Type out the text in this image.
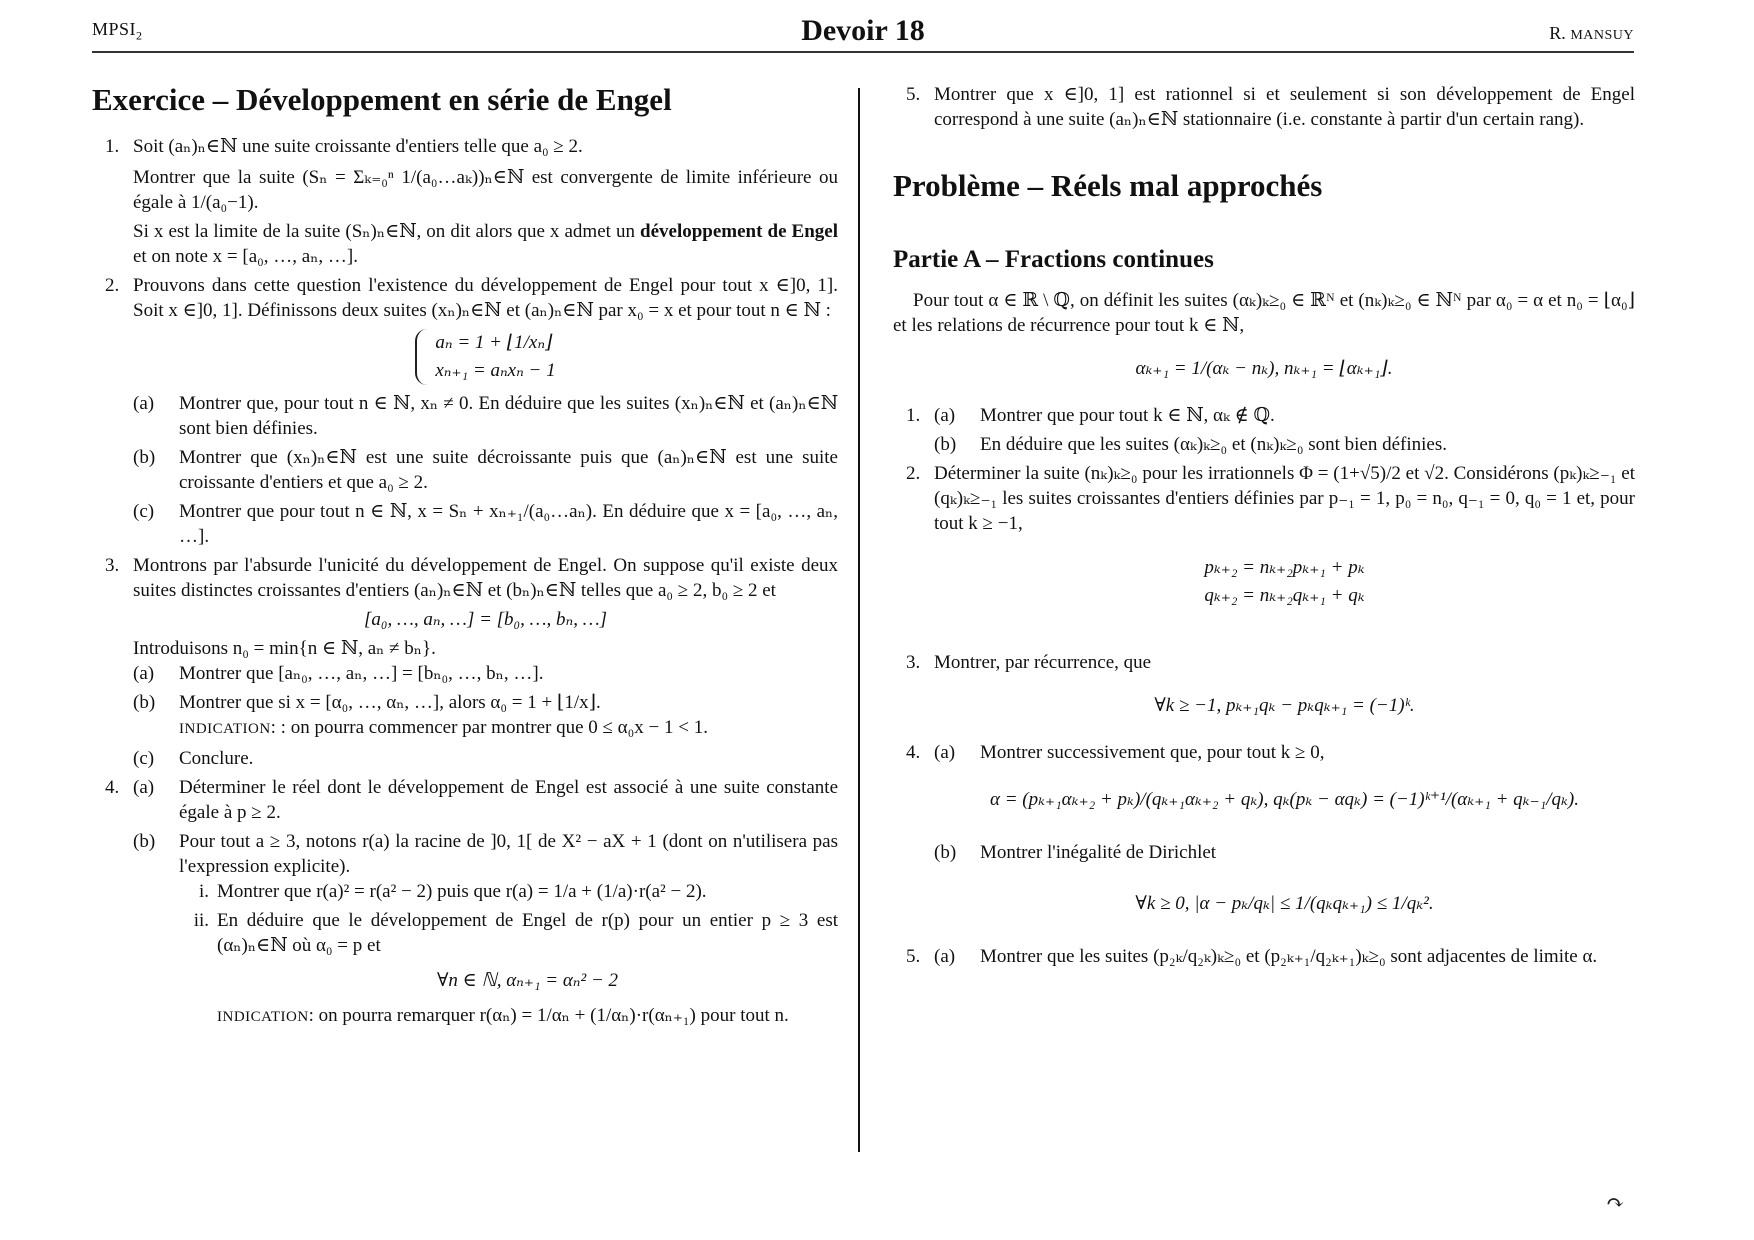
$MPSI_2$	Devoir 18	R. MANSUY
Exercice – Développement en série de Engel
1. Soit (aₙ)ₙ∈ℕ une suite croissante d'entiers telle que a₀ ≥ 2.
Montrer que la suite (Sₙ = Σₖ₌₀ⁿ 1/(a₀…aₖ))ₙ∈ℕ est convergente de limite inférieure ou égale à 1/(a₀−1).
Si x est la limite de la suite (Sₙ)ₙ∈ℕ, on dit alors que x admet un développement de Engel et on note x = [a₀, …, aₙ, …].
2. Prouvons dans cette question l'existence du développement de Engel pour tout x ∈]0, 1]. Soit x ∈]0, 1]. Définissons deux suites (xₙ)ₙ∈ℕ et (aₙ)ₙ∈ℕ par x₀ = x et pour tout n ∈ ℕ :
aₙ = 1 + ⌊1/xₙ⌋
xₙ₊₁ = aₙxₙ − 1
(a) Montrer que, pour tout n ∈ ℕ, xₙ ≠ 0. En déduire que les suites (xₙ)ₙ∈ℕ et (aₙ)ₙ∈ℕ sont bien définies.
(b) Montrer que (xₙ)ₙ∈ℕ est une suite décroissante puis que (aₙ)ₙ∈ℕ est une suite croissante d'entiers et que a₀ ≥ 2.
(c) Montrer que pour tout n ∈ ℕ, x = Sₙ + xₙ₊₁/(a₀…aₙ). En déduire que x = [a₀, …, aₙ, …].
3. Montrons par l'absurde l'unicité du développement de Engel. On suppose qu'il existe deux suites distinctes croissantes d'entiers (aₙ)ₙ∈ℕ et (bₙ)ₙ∈ℕ telles que a₀ ≥ 2, b₀ ≥ 2 et
[a₀, …, aₙ, …] = [b₀, …, bₙ, …]
Introduisons n₀ = min{n ∈ ℕ, aₙ ≠ bₙ}.
(a) Montrer que [aₙ₀, …, aₙ, …] = [bₙ₀, …, bₙ, …].
(b) Montrer que si x = [α₀, …, αₙ, …], alors α₀ = 1 + ⌊1/x⌋.
INDICATION: : on pourra commencer par montrer que 0 ≤ α₀x − 1 < 1.
(c) Conclure.
4. (a) Déterminer le réel dont le développement de Engel est associé à une suite constante égale à p ≥ 2.
(b) Pour tout a ≥ 3, notons r(a) la racine de ]0, 1[ de X² − aX + 1 (dont on n'utilisera pas l'expression explicite).
i. Montrer que r(a)² = r(a² − 2) puis que r(a) = 1/a + (1/a)·r(a² − 2).
ii. En déduire que le développement de Engel de r(p) pour un entier p ≥ 3 est (αₙ)ₙ∈ℕ où α₀ = p et
∀n ∈ ℕ, αₙ₊₁ = αₙ² − 2
INDICATION: on pourra remarquer r(αₙ) = 1/αₙ + (1/αₙ)·r(αₙ₊₁) pour tout n.
5. Montrer que x ∈]0, 1] est rationnel si et seulement si son développement de Engel correspond à une suite (aₙ)ₙ∈ℕ stationnaire (i.e. constante à partir d'un certain rang).
Problème – Réels mal approchés
Partie A – Fractions continues
Pour tout α ∈ ℝ \ ℚ, on définit les suites (αₖ)ₖ≥₀ ∈ ℝᴺ et (nₖ)ₖ≥₀ ∈ ℕᴺ par α₀ = α et n₀ = ⌊α₀⌋ et les relations de récurrence pour tout k ∈ ℕ,
αₖ₊₁ = 1/(αₖ − nₖ), nₖ₊₁ = ⌊αₖ₊₁⌋.
1. (a) Montrer que pour tout k ∈ ℕ, αₖ ∉ ℚ.
(b) En déduire que les suites (αₖ)ₖ≥₀ et (nₖ)ₖ≥₀ sont bien définies.
2. Déterminer la suite (nₖ)ₖ≥₀ pour les irrationnels Φ = (1+√5)/2 et √2. Considérons (pₖ)ₖ≥₋₁ et (qₖ)ₖ≥₋₁ les suites croissantes d'entiers définies par p₋₁ = 1, p₀ = n₀, q₋₁ = 0, q₀ = 1 et, pour tout k ≥ −1,
pₖ₊₂ = nₖ₊₂pₖ₊₁ + pₖ
qₖ₊₂ = nₖ₊₂qₖ₊₁ + qₖ
3. Montrer, par récurrence, que
∀k ≥ −1, pₖ₊₁qₖ − pₖqₖ₊₁ = (−1)ᵏ.
4. (a) Montrer successivement que, pour tout k ≥ 0,
α = (pₖ₊₁αₖ₊₂ + pₖ)/(qₖ₊₁αₖ₊₂ + qₖ), qₖ(pₖ − αqₖ) = (−1)ᵏ⁺¹/(αₖ₊₁ + qₖ₋₁/qₖ).
(b) Montrer l'inégalité de Dirichlet
∀k ≥ 0, |α − pₖ/qₖ| ≤ 1/(qₖqₖ₊₁) ≤ 1/qₖ².
5. (a) Montrer que les suites (p₂ₖ/q₂ₖ)ₖ≥₀ et (p₂ₖ₊₁/q₂ₖ₊₁)ₖ≥₀ sont adjacentes de limite α.
↷
